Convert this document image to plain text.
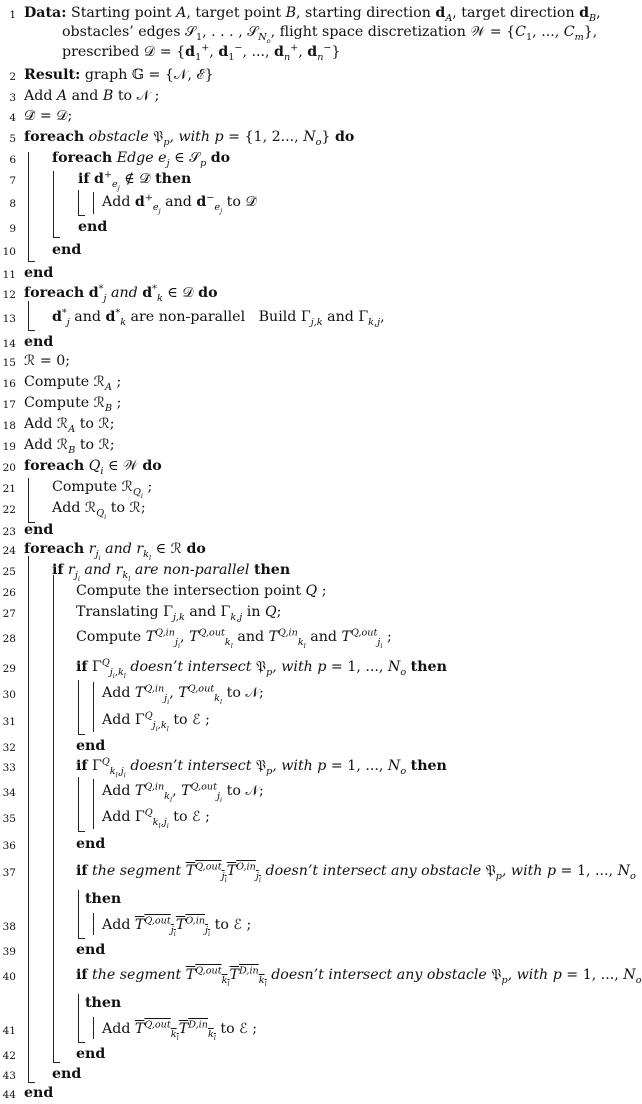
1 Data: Starting point A, target point B, starting direction $d_A$, target direction $d_B$,
obstacles’ edges 𝒮$_1$, . . . , 𝒮$_{N_o}$, flight space discretization 𝒲 = {$C_1$, ..., $C_m$},
prescribed 𝒟 = {$d_1^+$, $d_1^-$, ..., $d_n^+$, $d_n^-$}
2 Result: graph 𝔾 = {𝒩, ℰ}
3 Add A and B to 𝒩 ;
4 𝒟̃ = 𝒟;
5 foreach obstacle 𝔓$_p$, with p = {1, 2..., $N_o$} do
6	foreach Edge $e_j$ ∈ 𝒮$_p$ do
7	if $d^+_{e_j}$ ∉ 𝒟̃ then
8	Add $d^+_{e_j}$ and $d^-_{e_j}$ to 𝒟̃
9	end
10	end
11 end
12 foreach $d^*_j$ and $d^*_k$ ∈ 𝒟 do
13	$d^*_j$ and $d^*_k$ are non-parallel   Build $\Gamma_{j,k}$ and $\Gamma_{k,j}$,
14 end
15 ℛ = 0;
16 Compute ℛ$_A$ ;
17 Compute ℛ$_B$ ;
18 Add ℛ$_A$ to ℛ;
19 Add ℛ$_B$ to ℛ;
20 foreach $Q_i$ ∈ 𝒲 do
21	Compute ℛ$_{Q_i}$ ;
22	Add ℛ$_{Q_i}$ to ℛ;
23 end
24 foreach $r_{j_i}$ and $r_{k_l}$ ∈ ℛ do
25	if $r_{j_i}$ and $r_{k_l}$ are non-parallel then
26	Compute the intersection point Q ;
27	Translating $\Gamma_{j,k}$ and $\Gamma_{k,j}$ in Q;
28	Compute $T^{Q,in}_{j_i}$, $T^{Q,out}_{k_l}$ and $T^{Q,in}_{k_l}$ and $T^{Q,out}_{j_i}$ ;
29	if $\Gamma^Q_{j_i,k_l}$ doesn’t intersect 𝔓$_p$, with p = 1, ..., $N_o$ then
30	Add $T^{Q,in}_{j_i}$, $T^{Q,out}_{k_l}$ to 𝒩;
31	Add $\Gamma^Q_{j_i,k_l}$ to ℰ ;
32	end
33	if $\Gamma^Q_{k_l,j_i}$ doesn’t intersect 𝔓$_p$, with p = 1, ..., $N_o$ then
34	Add $T^{Q,in}_{k_l}$, $T^{Q,out}_{j_i}$ to 𝒩;
35	Add $\Gamma^Q_{k_l,j_i}$ to ℰ ;
36	end
37	if the segment $T^{Q,out}_{j_i}T^{O,in}_{j_i}$ doesn’t intersect any obstacle 𝔓$_p$, with p = 1, ..., $N_o$
then
38	Add $T^{Q,out}_{j_i}T^{O,in}_{j_i}$ to ℰ ;
39	end
40	if the segment $T^{Q,out}_{k_l}T^{D,in}_{k_l}$ doesn’t intersect any obstacle 𝔓$_p$, with p = 1, ..., $N_o$
then
41	Add $T^{Q,out}_{k_l}T^{D,in}_{k_l}$ to ℰ ;
42	end
43	end
44 end
